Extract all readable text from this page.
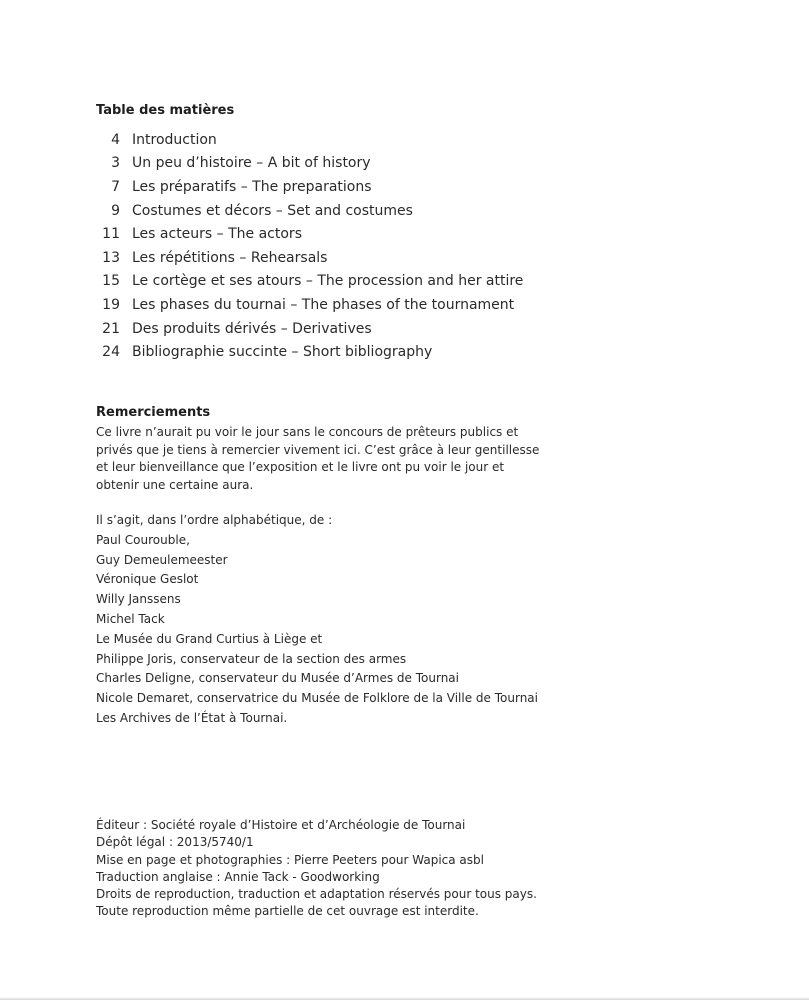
Table des matières
4 Introduction
3 Un peu d’histoire – A bit of history
7 Les préparatifs – The preparations
9 Costumes et décors – Set and costumes
11 Les acteurs – The actors
13 Les répétitions – Rehearsals
15 Le cortège et ses atours – The procession and her attire
19 Les phases du tournai – The phases of the tournament
21 Des produits dérivés – Derivatives
24 Bibliographie succinte – Short bibliography
Remerciements
Ce livre n’aurait pu voir le jour sans le concours de prêteurs publics et privés que je tiens à remercier vivement ici. C’est grâce à leur gentillesse et leur bienveillance que l’exposition et le livre ont pu voir le jour et obtenir une certaine aura.
Il s’agit, dans l’ordre alphabétique, de :
Paul Courouble,
Guy Demeulemeester
Véronique Geslot
Willy Janssens
Michel Tack
Le Musée du Grand Curtius à Liège et
Philippe Joris, conservateur de la section des armes
Charles Deligne, conservateur du Musée d’Armes de Tournai
Nicole Demaret, conservatrice du Musée de Folklore de la Ville de Tournai
Les Archives de l’État à Tournai.
Éditeur : Société royale d’Histoire et d’Archéologie de Tournai
Dépôt légal : 2013/5740/1
Mise en page et photographies : Pierre Peeters pour Wapica asbl
Traduction anglaise : Annie Tack - Goodworking
Droits de reproduction, traduction et adaptation réservés pour tous pays.
Toute reproduction même partielle de cet ouvrage est interdite.
